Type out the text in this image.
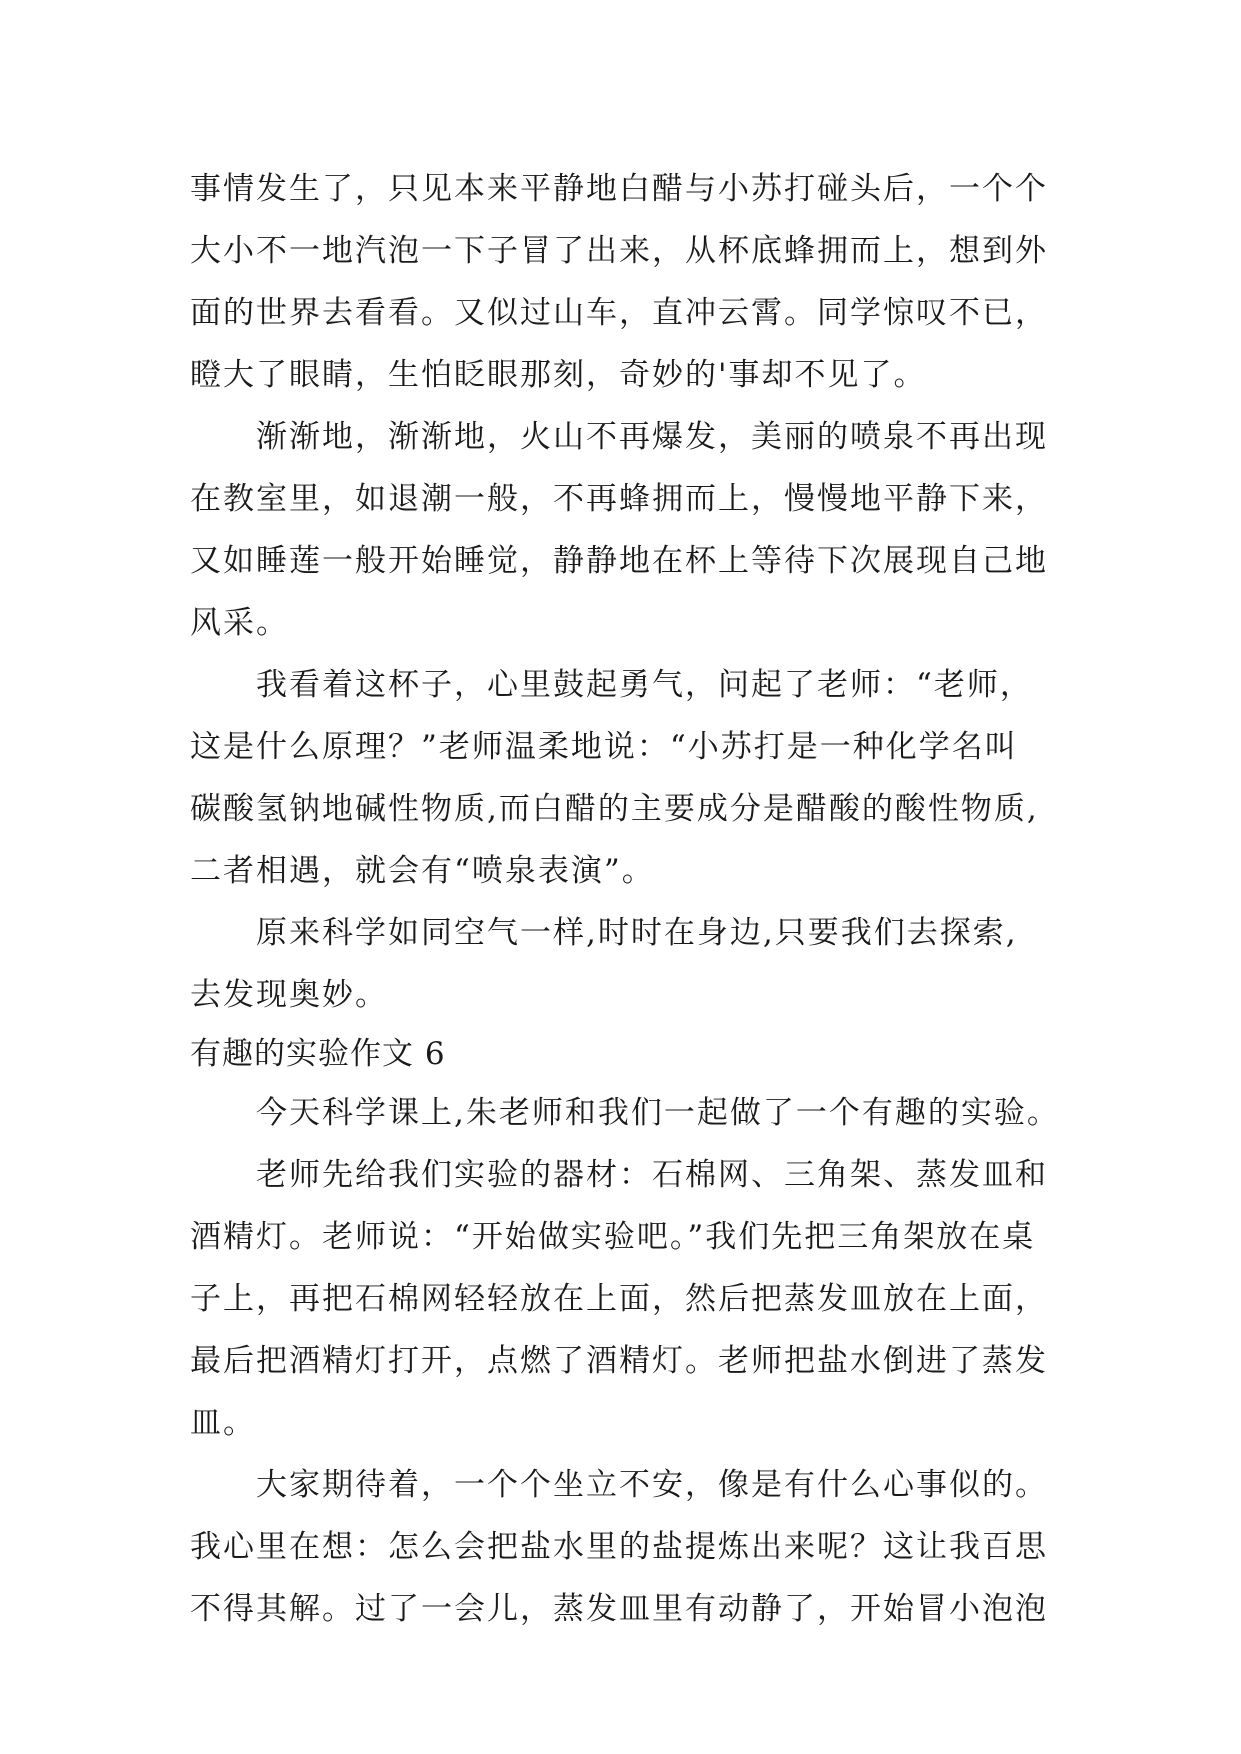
事情发生了，只见本来平静地白醋与小苏打碰头后，一个个
大小不一地汽泡一下子冒了出来，从杯底蜂拥而上，想到外
面的世界去看看。又似过山车，直冲云霄。同学惊叹不已，
瞪大了眼睛，生怕眨眼那刻，奇妙的'事却不见了。
渐渐地，渐渐地，火山不再爆发，美丽的喷泉不再出现
在教室里，如退潮一般，不再蜂拥而上，慢慢地平静下来，
又如睡莲一般开始睡觉，静静地在杯上等待下次展现自己地
风采。
我看着这杯子，心里鼓起勇气，问起了老师：“老师，
这是什么原理？”老师温柔地说：“小苏打是一种化学名叫
碳酸氢钠地碱性物质,而白醋的主要成分是醋酸的酸性物质,
二者相遇，就会有“喷泉表演”。
原来科学如同空气一样,时时在身边,只要我们去探索,
去发现奥妙。
有趣的实验作文 6
今天科学课上,朱老师和我们一起做了一个有趣的实验。
老师先给我们实验的器材：石棉网、三角架、蒸发皿和
酒精灯。老师说：“开始做实验吧。”我们先把三角架放在桌
子上，再把石棉网轻轻放在上面，然后把蒸发皿放在上面，
最后把酒精灯打开，点燃了酒精灯。老师把盐水倒进了蒸发
皿。
大家期待着，一个个坐立不安，像是有什么心事似的。
我心里在想：怎么会把盐水里的盐提炼出来呢？这让我百思
不得其解。过了一会儿，蒸发皿里有动静了，开始冒小泡泡
